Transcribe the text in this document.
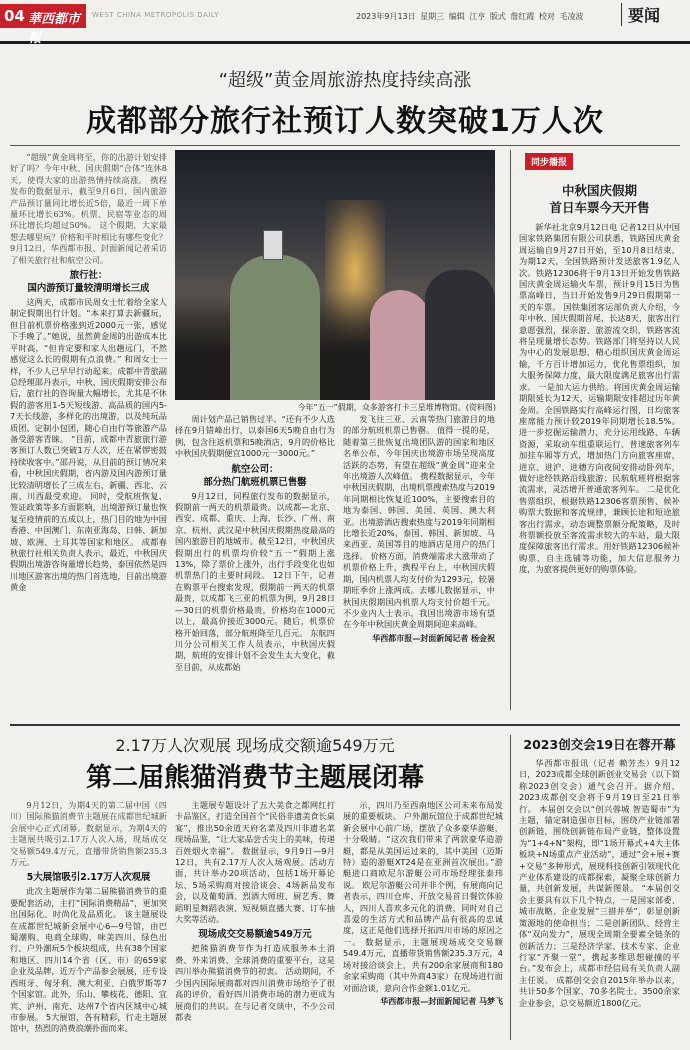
04 華西都市報
WEST CHINA METROPOLIS DAILY	2023年9月13日 星期三 编辑 江亨 版式 詹红霞 校对 毛凌波	要闻
“超级”黄金周旅游热度持续高涨
成都部分旅行社预订人数突破1万人次

“超级”黄金周将至，你的出游计划安排好了吗？今年中秋、国庆假期“合体”连休8天，使得大家的出游热情持续高涨。 携程发布的数据显示，截至9月6日，国内旅游产品预订量同比增长近5倍，最近一周下单量环比增长63%。机票、民宿等业态的周环比增长均超过50%。 这个假期，大家最想去哪里玩？价格和平时相比有哪些变化？9月12日，华西都市报、封面新闻记者采访了相关旅行社和航空公司。

旅行社：
国内游预订量较清明增长三成

这两天，成都市民周女士忙着给全家人制定假期出行计划。“本来打算去新疆玩，但目前机票价格涨到近2000元一张，感觉下手晚了。”她说，虽然黄金周的出游成本比平时高，“但肯定要和家人出趟远门，不然感觉这么长的假期有点浪费。” 和周女士一样，不少人已早早行动起来。成都中青旅副总经理邵丹表示，中秋、国庆假期安排公布后，旅行社的咨询量大幅增长，尤其是不休假的游客用1-5天短线游、高品质的国内5-7天长线游，多样化的出境游，以及纯玩品质团、定制小包团，随心自由行等旅游产品备受游客青睐。 “目前，成都中青旅旅行游客预订人数已突破1万人次，还在紧锣密鼓持续收客中。”邵丹说，从目前的预订情况来看，中秋国庆假期，省内游及国内游预订量比较清明增长了三成左右，新疆、西北、云南、川西最受欢迎。 同时，受航班恢复、签证政策等多方面影响，出境游预订量也恢复至疫情前的五成以上，热门目的地为中国香港、中国澳门、东南亚海岛、日韩、新加坡、欧洲、土耳其等国家和地区。 成都春秋旅行社相关负责人表示，最近，中秋国庆假期出境游咨询量增长趋势，泰国依然是四川地区游客出境的热门首选地，目前出境游黄金

今年“五一”假期，众多游客打卡三星堆博物馆。(资料图)

周计划产品已销售过半。“还有不少人选择在9月错峰出行，以泰国6天5晚自由行为例，包含往返机票和5晚酒店，9月的价格比中秋国庆假期便宜1000元一3000元。”

航空公司：
部分热门航班机票已售罄

9月12日，同程旅行发布的数据显示，假期前一两天的机票最贵。以成都—北京、西安、成都、重庆、上海、长沙、广州、南京、杭州、武汉是中秋国庆假期热度最高的国内旅游目的地城市。截至12日，中秋国庆假期出行的机票均价较“五一”假期上涨13%，除了票价上涨外，出行手段变化也如机票热门的主要时间段。 12日下午，记者在购票平台搜索发现，假期前一两天的机票最贵，以成都飞三亚的机票为例，9月28日—30日的机票价格最贵，价格均在1000元以上，最高价接近3000元。随后，机票价格开始回落，部分航班降至几百元。 东航四川分公司相关工作人员表示，中秋国庆假期，航班的安排计划不会发生太大变化，截至目前，从成都始

发飞往三亚、云南等热门旅游目的地的部分航班机票已售罄。 值得一提的是，随着第三批恢复出境团队游的国家和地区名单公布，今年国庆出境游市场呈现高度活跃的态势，有望在超级“黄金周”迎来全年出境游人次峰值。 携程数据显示，今年中秋国庆假期，出境机票搜索热度与2019年同期相比恢复近100%，主要搜索目的地为泰国、韩国、美国、英国、澳大利亚。出境游酒店搜索热度与2019年同期相比增长近20%，泰国、韩国、新加坡、马来西亚、英国等目的地酒店是用户的热门选择。 价格方面，消费端需求大涨带动了机票价格上升，携程平台上，中秋国庆假期，国内机票人均支付价为1293元，较暑期旺季价上涨两成。去哪儿数据显示，中秋国庆假期国内机票人均支付价超千元。 不少业内人士表示，我国出境游市场有望在今年中秋国庆黄金周期间迎来高峰。

华西都市报—封面新闻记者 杨金祝
同步播报
中秋国庆假期
首日车票今天开售

新华社北京9月12日电 记者12日从中国国家铁路集团有限公司获悉，铁路国庆黄金周运输自9月27日开始，至10月8日结束，为期12天，全国铁路预计发送旅客1.9亿人次。铁路12306将于9月13日开始发售铁路国庆黄金周运输火车票，预计9月15日为售票高峰日，当日开始发售9月29日假期第一天的车票。 国铁集团客运部负责人介绍，今年中秋、国庆假期首尾，长达8天，旅客出行意愿强烈，探亲游、旅游流交织，铁路客流将呈现量增长态势。铁路部门将坚持以人民为中心的发展思想，精心组织国庆黄金周运输，千方百计增加运力，优化售票组织，加大服务保障力度，最大限度满足旅客出行需求。 一是加大运力供给。将国庆黄金周运输期限延长为12天，运输期限安排超过历年黄金周。全国铁路实行高峰运行图，日均旅客座席能力预计较2019年同期增长18.5%。进一步挖掘运输潜力，充分运用线路、车辆资源，采取动车组重联运行、普速旅客列车加挂车厢等方式，增加热门方向旅客座席，进京、进沪、进穗方向夜间安排动卧列车，做好途经铁路沿线旅游；民航航班将根据客流需求，灵活增开普通旅客列车。 二是优化售票组织，根据铁路12306客票预售、候补购票大数据和客流规律，兼顾长途和短途旅客出行需求，动态调整票额分配策略，及时将票额投放至客流需求较大的车站，最大限度保障旅客出行需求。用好铁路12306候补购票、自主选铺等功能，加大信息服务力度，为旅客提供更好的购票体验。

2.17万人次观展 现场成交额逾549万元
第二届熊猫消费节主题展闭幕

9月12日，为期4天的第二届中国（四川）国际熊猫消费节主题展在成都世纪城新会展中心正式闭幕。数据显示，为期4天的主题展共吸引2.17万人次入场，现场成交交易额549.4万元，直播带货销售额235.3万元。

5大展馆吸引2.17万人次观展

此次主题展作为第二届熊猫消费节的重要配套活动，主打“国际消费精品”，更加突出国际化、时尚化及品质化。 该主题展设在成都世纪城新会展中心6—9号馆，由巴蜀潮购、电商全球购、味美四川、绿色出行、户外潮玩5个板块组成，共有38个国家和地区、四川14个省（区、市）的659家企业及品牌，近万个产品参会展展，还专设西班牙、匈牙利、澳大利亚、白俄罗斯等7个国家馆。此外，乐山、攀枝花、德阳、宜宾、泸州、南充、达州7个省内区域中心城市参展。 5大展馆，各有精彩，行走主题展馆中，热烈的消费浪潮扑面而来。

主题展专题设计了五大美食之都网红打卡品鉴区，打造全国首个“民俗非遗美食长桌宴”，推出50余道天府名菜及四川非遗名菜现场品鉴，“让大家品尝舌尖上的美味，传递百姓烟火幸福”。 数据显示，9月9日—9月12日，共有2.17万人次入场观展。活动方面，共计举办20项活动，包括1场开幕论坛、5场采购商对接洽谈会、4场新品发布会，以及葡萄酒、烈酒大师班、厨艺秀、舞蹈明星舞蹈表演、短视频直播大赛、订车抽大奖等活动。

现场成交交易额逾549万元

把熊猫消费节作为打造成服务本土消费、外来消费、全球消费的重要平台，这是四川举办熊猫消费节的初衷。 活动期间，不少国内国际展商都对四川消费市场给予了很高的评价，看好四川消费市场的潜力更成为展商们的共识。在与记者交谈中，不少公司都表

示，四川乃至西南地区公司未来布局发展的重要板块。 户外潮玩馆位于成都世纪城新会展中心前广场，摆放了众多豪华游艇，十分吸睛。“这次我们带来了两款豪华造游艇，都是从美国运过来的，其中美国（迈斯特）造的游艇XT24是在亚洲首次展出。”游艇进口商欧尼尔游艇公司市场经理张泰玮说。 欧尼尔游艇公司并非个例，有展商向记者表示，四川仓库、开放交易首日餐饮体验人，四川人喜欢多元化的消费，同时对自己喜爱的生活方式和品牌产品有很高的忠诚度，这正是他们选择开拓四川市场的原因之一。 数据显示，主题展现场成交交易额549.4万元，直播带货销售额235.3万元，4场对接洽谈会上，共有200余家展商和180余家采购商（其中外商43家）在现场进行面对面洽谈，意向合作金额1.01亿元。

华西都市报—封面新闻记者 马梦飞
2023创交会19日在蓉开幕

华西都市报讯（记者 赖芳杰）9月12日，2023成都全球创新创业交易会（以下简称2023创交会）通气会召开。据介绍，2023成都创交会将于9月19日至21日举行。 本届创交会以“创兴蓉城 智造蜀市”为主题，锚定制造强市目标，围绕产业链部署创新链，围绕创新链布局产业链，整体设置为“1+4+N”架构，即“1场开幕式+4大主体板块+N场重点产业活动”，通过“会+展+赛+交易”多种形式，展现科技创新引领现代化产业体系建设的成都探索，凝聚全球创新力量，共创新发展，共谋新图景。 “本届创交会主要具有以下几个特点，一是国家部委、城市战略、企业发展“三措并举”，彰显创新策源地的使命担当；二是创新团队、经营主体“双向发力”，展现全周期全要素全链条的创新活力；三是经济学家、技术专家、企业行家“齐聚一堂”，携起多维思想碰撞的平台。”发布会上，成都市经信局有关负责人副主任说。 成都创交会自2015年举办以来，共计50多个国家、70多名院士、3500余家企业参会，总交易额近1800亿元。
